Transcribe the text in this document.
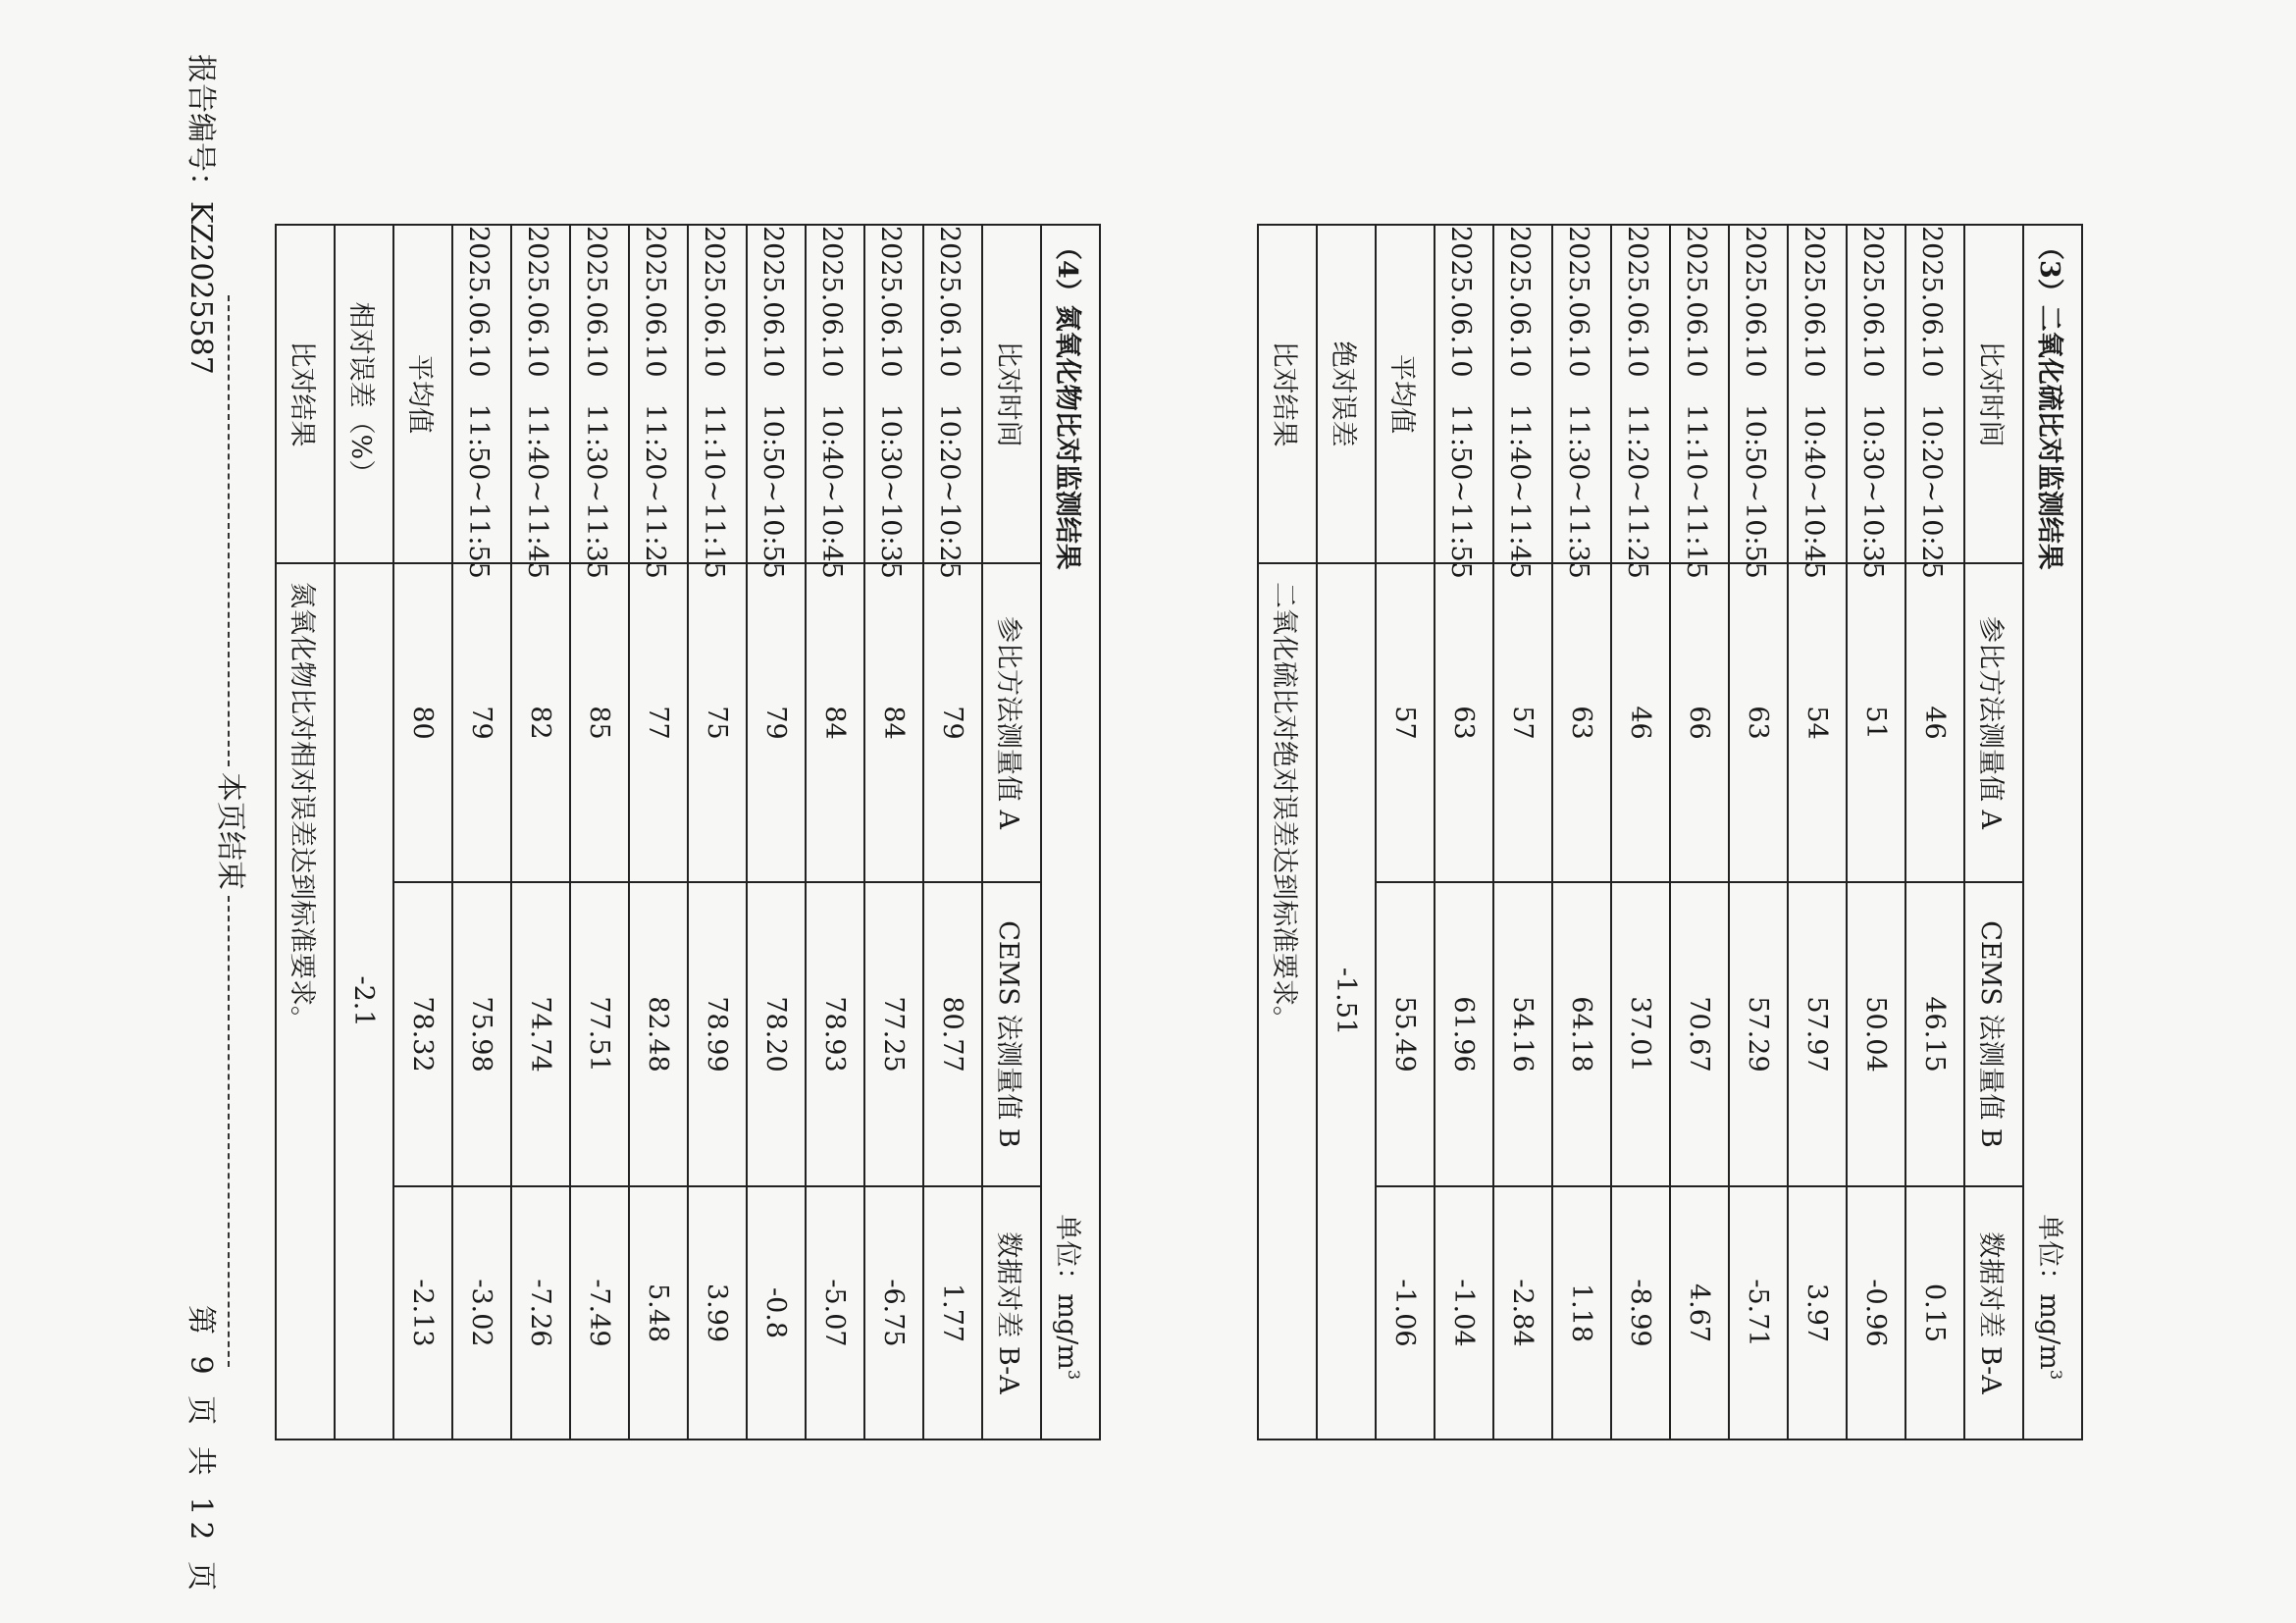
报告编号：KZ2025587
第 9 页 共 12 页
（3）二氧化硫比对监测结果
单位：$mg/m^3$

比对时间	参比方法测量值 A	CEMS 法测量值 B	数据对差 B-A
2025.06.10　10:20~10:25	46	46.15	0.15
2025.06.10　10:30~10:35	51	50.04	-0.96
2025.06.10　10:40~10:45	54	57.97	3.97
2025.06.10　10:50~10:55	63	57.29	-5.71
2025.06.10　11:10~11:15	66	70.67	4.67
2025.06.10　11:20~11:25	46	37.01	-8.99
2025.06.10　11:30~11:35	63	64.18	1.18
2025.06.10　11:40~11:45	57	54.16	-2.84
2025.06.10　11:50~11:55	63	61.96	-1.04
平均值	57	55.49	-1.06
绝对误差	-1.51		
比对结果	二氧化硫比对绝对误差达到标准要求。		
（4）氮氧化物比对监测结果
单位：$mg/m^3$

比对时间	参比方法测量值 A	CEMS 法测量值 B	数据对差 B-A
2025.06.10　10:20~10:25	79	80.77	1.77
2025.06.10　10:30~10:35	84	77.25	-6.75
2025.06.10　10:40~10:45	84	78.93	-5.07
2025.06.10　10:50~10:55	79	78.20	-0.8
2025.06.10　11:10~11:15	75	78.99	3.99
2025.06.10　11:20~11:25	77	82.48	5.48
2025.06.10　11:30~11:35	85	77.51	-7.49
2025.06.10　11:40~11:45	82	74.74	-7.26
2025.06.10　11:50~11:55	79	75.98	-3.02
平均值	80	78.32	-2.13
相对误差（%）	-2.1		
比对结果	氮氧化物比对相对误差达到标准要求。		
本页结束
